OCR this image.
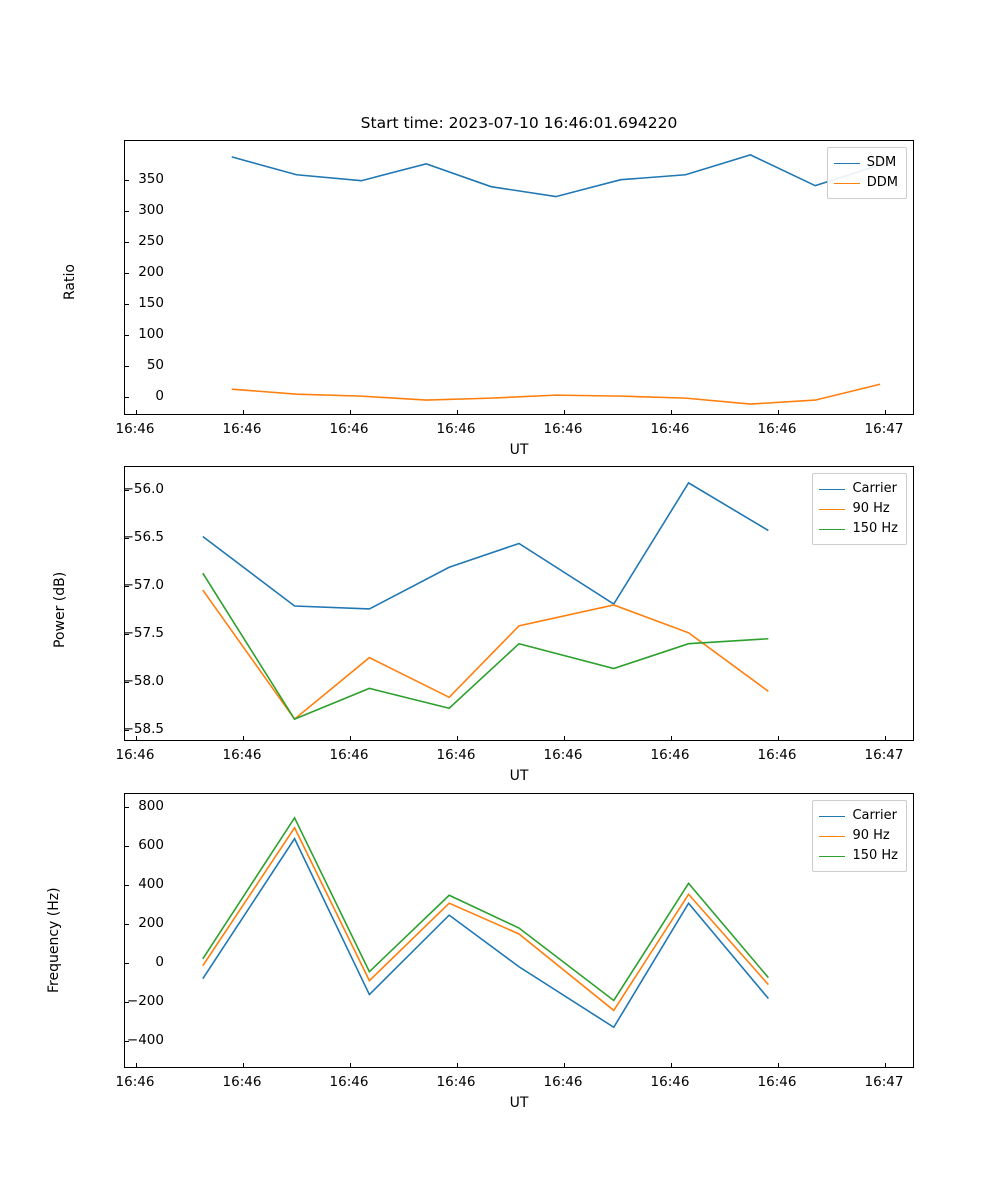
Start time: 2023-07-10 16:46:01.694220
SDM
DDM
0
50
100
150
200
250
300
350
16:46	16:46	16:46	16:46	16:46	16:46	16:46	16:47
UT
Ratio
Carrier
90 Hz
150 Hz
−58.5
−58.0
−57.5
−57.0
−56.5
−56.0
16:46	16:46	16:46	16:46	16:46	16:46	16:46	16:47
UT
Power (dB)
Carrier
90 Hz
150 Hz
−400
−200
0
200
400
600
800
16:46	16:46	16:46	16:46	16:46	16:46	16:46	16:47
UT
Frequency (Hz)
